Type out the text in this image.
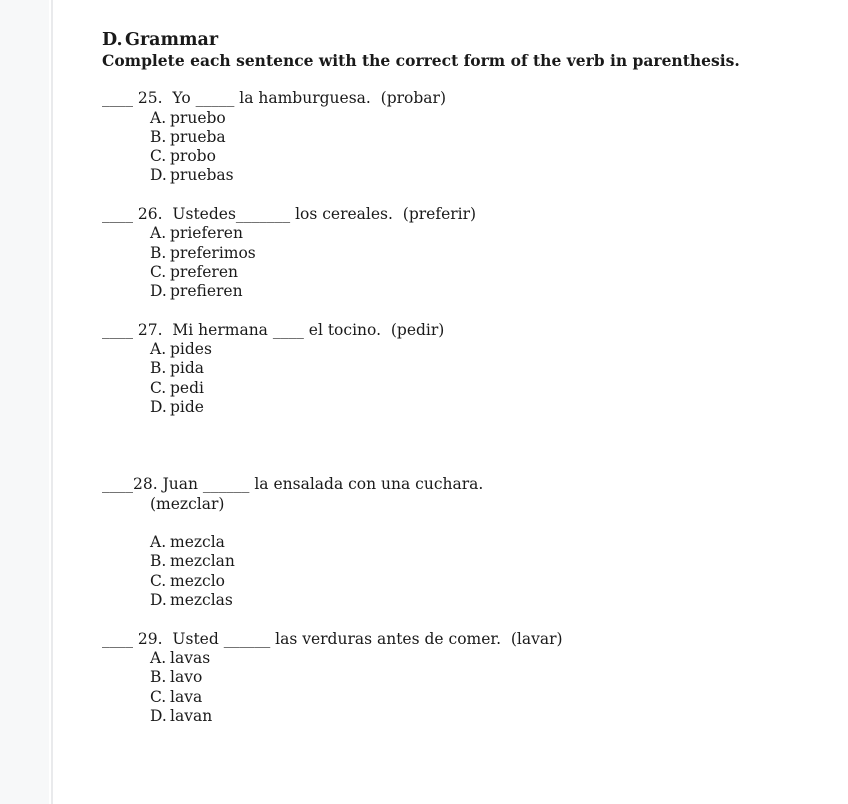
D. Grammar

Complete each sentence with the correct form of the verb in parenthesis.

____ 25.  Yo _____ la hamburguesa.  (probar)
A. pruebo
B. prueba
C. probo
D. pruebas
____ 26.  Ustedes_______ los cereales.  (preferir)
A. prieferen
B. preferimos
C. preferen
D. prefieren
____ 27.  Mi hermana ____ el tocino.  (pedir)
A. pides
B. pida
C. pedi
D. pide
____28. Juan ______ la ensalada con una cuchara.
(mezclar)
A. mezcla
B. mezclan
C. mezclo
D. mezclas
____ 29.  Usted ______ las verduras antes de comer.  (lavar)
A. lavas
B. lavo
C. lava
D. lavan
